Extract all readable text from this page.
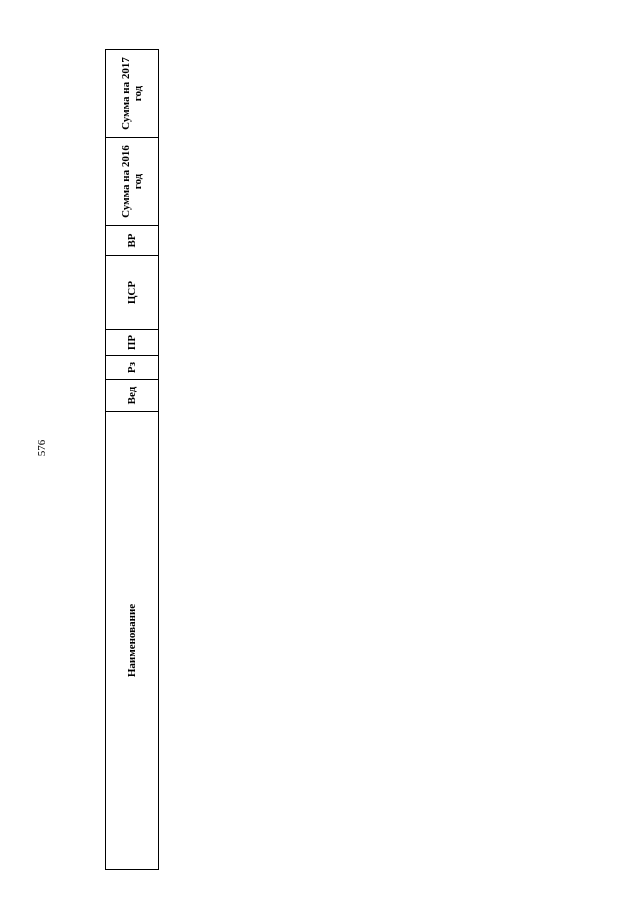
576
Наименование	Вед	Рз	ПР	ЦСР	ВР	Сумма на 2016 год	Сумма на 2017 год
